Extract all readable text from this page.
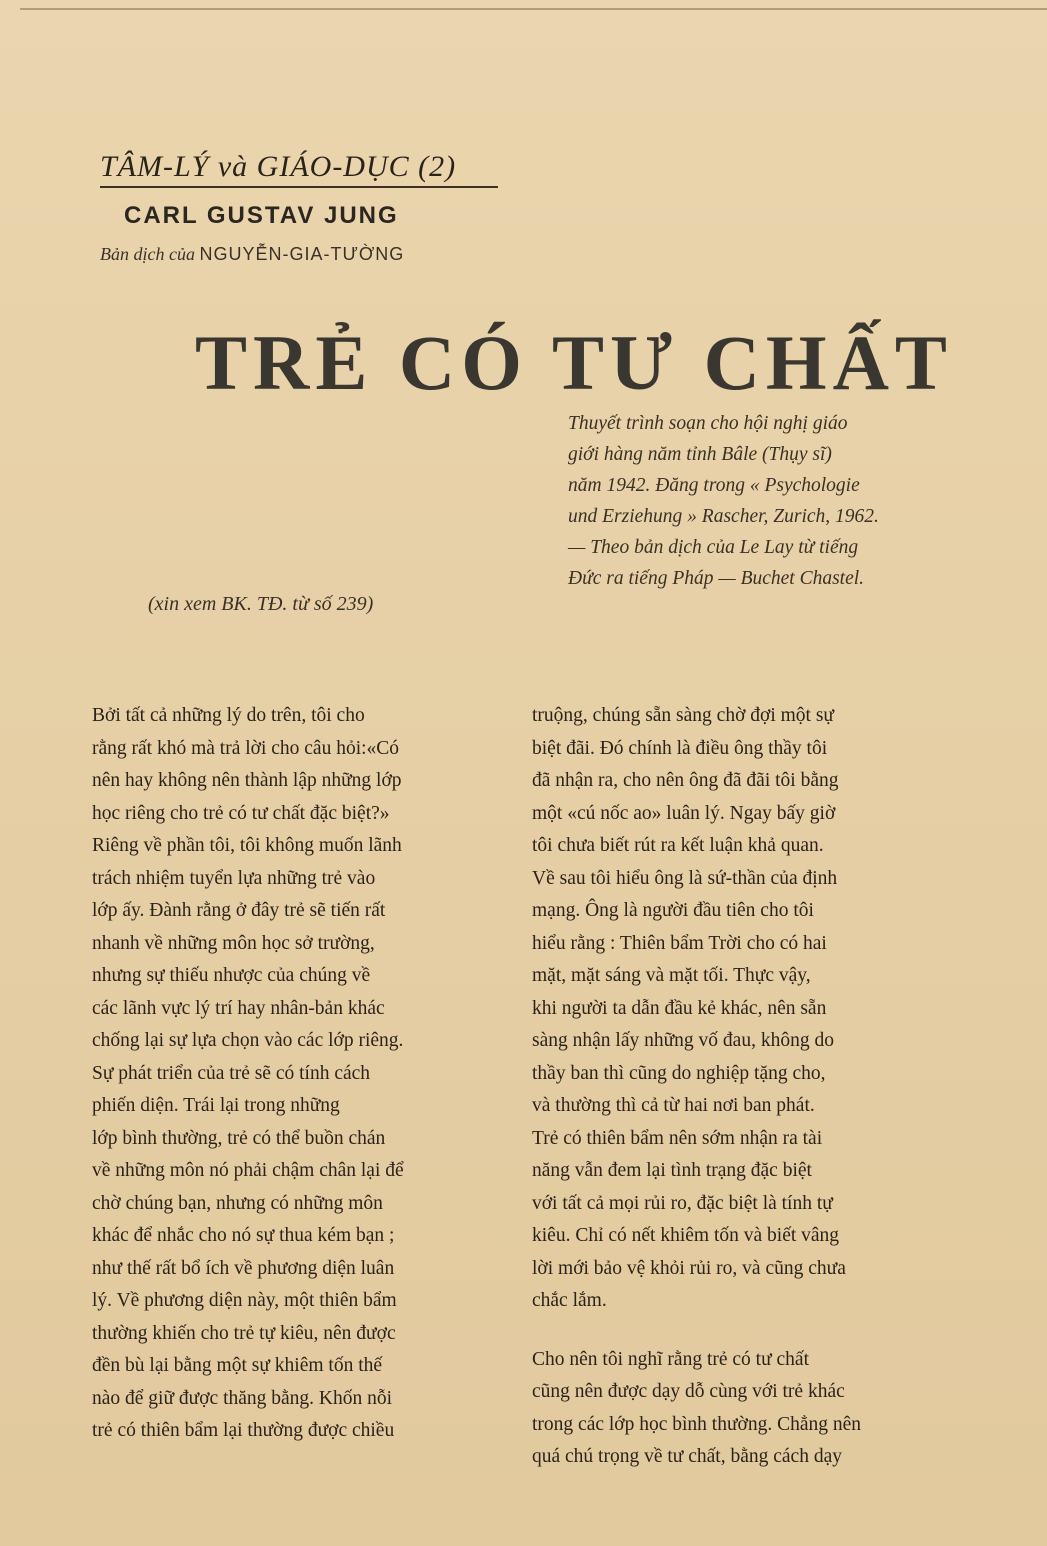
TÂM-LÝ và GIÁO-DỤC (2)
CARL GUSTAV JUNG
Bản dịch của NGUYỄN-GIA-TƯỜNG
TRẺ CÓ TƯ CHẤT
Thuyết trình soạn cho hội nghị giáo
giới hàng năm tỉnh Bâle (Thụy sĩ)
năm 1942. Đăng trong « Psychologie
und Erziehung » Rascher, Zurich, 1962.
— Theo bản dịch của Le Lay từ tiếng
Đức ra tiếng Pháp — Buchet Chastel.
(xin xem BK. TĐ. từ số 239)
Bởi tất cả những lý do trên, tôi cho
rằng rất khó mà trả lời cho câu hỏi:«Có
nên hay không nên thành lập những lớp
học riêng cho trẻ có tư chất đặc biệt?»
Riêng về phần tôi, tôi không muốn lãnh
trách nhiệm tuyển lựa những trẻ vào
lớp ấy. Đành rằng ở đây trẻ sẽ tiến rất
nhanh về những môn học sở trường,
nhưng sự thiếu nhược của chúng về
các lãnh vực lý trí hay nhân-bản khác
chống lại sự lựa chọn vào các lớp riêng.
Sự phát triển của trẻ sẽ có tính cách
phiến diện. Trái lại trong những
lớp bình thường, trẻ có thể buồn chán
về những môn nó phải chậm chân lại để
chờ chúng bạn, nhưng có những môn
khác để nhắc cho nó sự thua kém bạn ;
như thế rất bổ ích về phương diện luân
lý. Về phương diện này, một thiên bẩm
thường khiến cho trẻ tự kiêu, nên được
đền bù lại bằng một sự khiêm tốn thế
nào để giữ được thăng bằng. Khốn nỗi
trẻ có thiên bẩm lại thường được chiều
truộng, chúng sẵn sàng chờ đợi một sự
biệt đãi. Đó chính là điều ông thầy tôi
đã nhận ra, cho nên ông đã đãi tôi bằng
một «cú nốc ao» luân lý. Ngay bấy giờ
tôi chưa biết rút ra kết luận khả quan.
Về sau tôi hiểu ông là sứ-thần của định
mạng. Ông là người đầu tiên cho tôi
hiểu rằng : Thiên bẩm Trời cho có hai
mặt, mặt sáng và mặt tối. Thực vậy,
khi người ta dẫn đầu kẻ khác, nên sẵn
sàng nhận lấy những vố đau, không do
thầy ban thì cũng do nghiệp tặng cho,
và thường thì cả từ hai nơi ban phát.
Trẻ có thiên bẩm nên sớm nhận ra tài
năng vẫn đem lại tình trạng đặc biệt
với tất cả mọi rủi ro, đặc biệt là tính tự
kiêu. Chỉ có nết khiêm tốn và biết vâng
lời mới bảo vệ khỏi rủi ro, và cũng chưa
chắc lắm.
Cho nên tôi nghĩ rằng trẻ có tư chất
cũng nên được dạy dỗ cùng với trẻ khác
trong các lớp học bình thường. Chẳng nên
quá chú trọng về tư chất, bằng cách dạy
